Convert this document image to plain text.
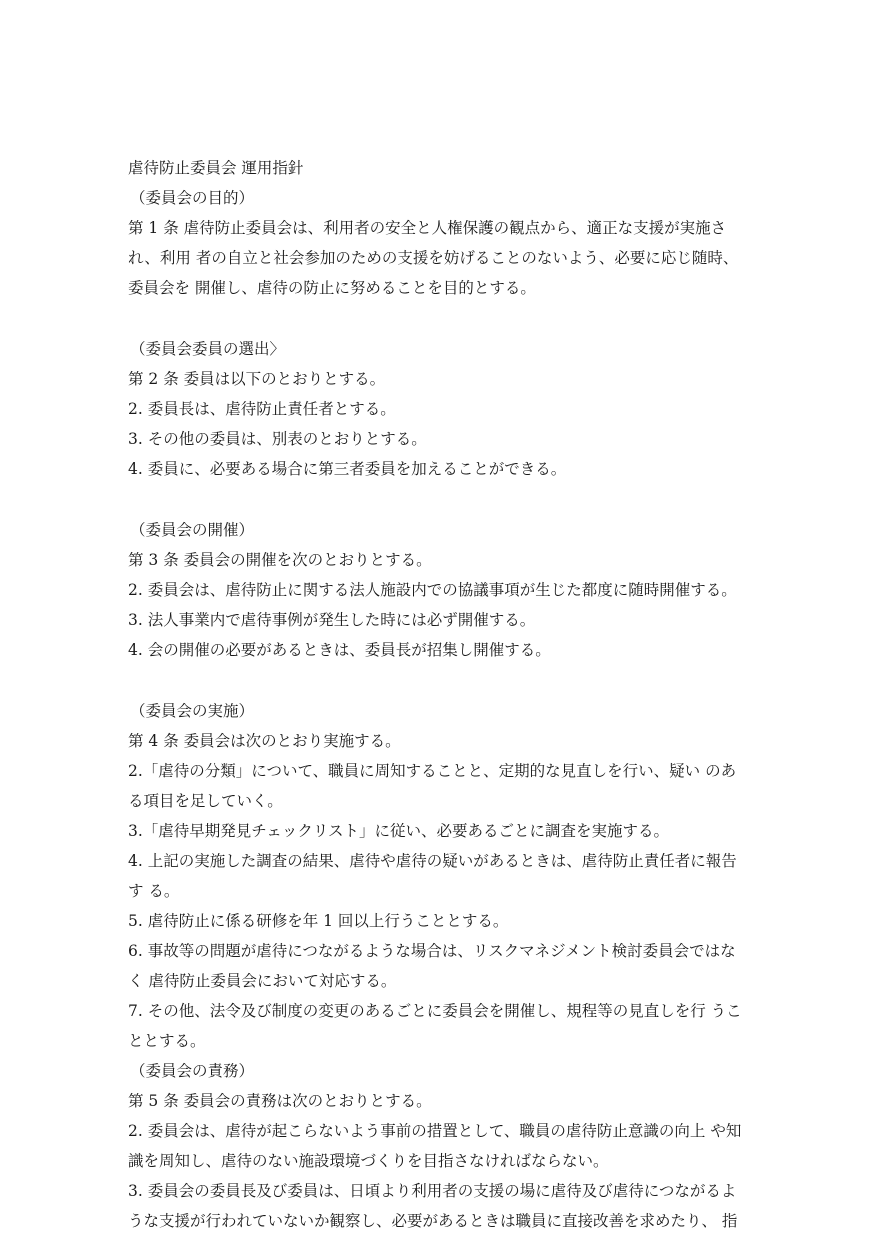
虐待防止委員会 運用指針
（委員会の目的）
第 1 条 虐待防止委員会は、利用者の安全と人権保護の観点から、適正な支援が実施さ
れ、利用 者の自立と社会参加のための支援を妨げることのないよう、必要に応じ随時、
委員会を 開催し、虐待の防止に努めることを目的とする。
（委員会委員の選出〉
第 2 条 委員は以下のとおりとする。
2. 委員長は、虐待防止責任者とする。
3. その他の委員は、別表のとおりとする。
4. 委員に、必要ある場合に第三者委員を加えることができる。
（委員会の開催）
第 3 条 委員会の開催を次のとおりとする。
2. 委員会は、虐待防止に関する法人施設内での協議事項が生じた都度に随時開催する。
3. 法人事業内で虐待事例が発生した時には必ず開催する。
4. 会の開催の必要があるときは、委員長が招集し開催する。
（委員会の実施）
第 4 条 委員会は次のとおり実施する。
2.「虐待の分類」について、職員に周知することと、定期的な見直しを行い、疑い のあ
る項目を足していく。
3.「虐待早期発見チェックリスト」に従い、必要あるごとに調査を実施する。
4. 上記の実施した調査の結果、虐待や虐待の疑いがあるときは、虐待防止責任者に報告
す る。
5. 虐待防止に係る研修を年 1 回以上行うこととする。
6. 事故等の問題が虐待につながるような場合は、リスクマネジメント検討委員会ではな
く 虐待防止委員会において対応する。
7. その他、法令及び制度の変更のあるごとに委員会を開催し、規程等の見直しを行 うこ
ととする。
（委員会の責務）
第 5 条 委員会の責務は次のとおりとする。
2. 委員会は、虐待が起こらないよう事前の措置として、職員の虐待防止意識の向上 や知
識を周知し、虐待のない施設環境づくりを目指さなければならない。
3. 委員会の委員長及び委員は、日頃より利用者の支援の場に虐待及び虐待につながるよ
うな支援が行われていないか観察し、必要があるときは職員に直接改善を求めたり、 指
